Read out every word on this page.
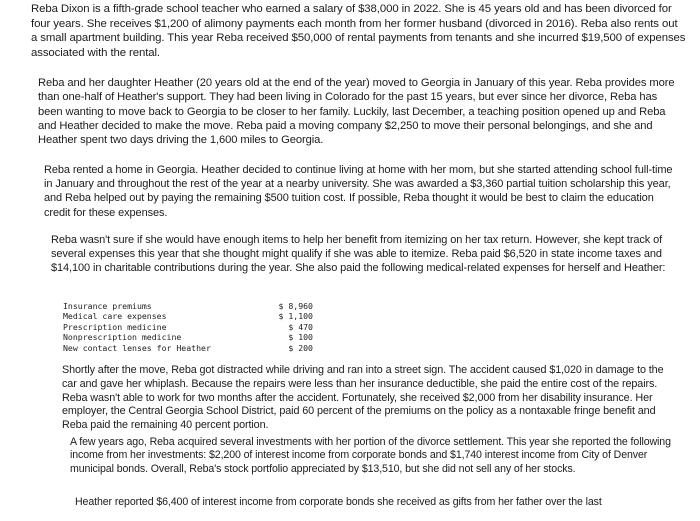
Reba Dixon is a fifth-grade school teacher who earned a salary of $38,000 in 2022. She is 45 years old and has been divorced for four years. She receives $1,200 of alimony payments each month from her former husband (divorced in 2016). Reba also rents out a small apartment building. This year Reba received $50,000 of rental payments from tenants and she incurred $19,500 of expenses associated with the rental.

Reba and her daughter Heather (20 years old at the end of the year) moved to Georgia in January of this year. Reba provides more than one-half of Heather's support. They had been living in Colorado for the past 15 years, but ever since her divorce, Reba has been wanting to move back to Georgia to be closer to her family. Luckily, last December, a teaching position opened up and Reba and Heather decided to make the move. Reba paid a moving company $2,250 to move their personal belongings, and she and Heather spent two days driving the 1,600 miles to Georgia.

Reba rented a home in Georgia. Heather decided to continue living at home with her mom, but she started attending school full-time in January and throughout the rest of the year at a nearby university. She was awarded a $3,360 partial tuition scholarship this year, and Reba helped out by paying the remaining $500 tuition cost. If possible, Reba thought it would be best to claim the education credit for these expenses.

Reba wasn't sure if she would have enough items to help her benefit from itemizing on her tax return. However, she kept track of several expenses this year that she thought might qualify if she was able to itemize. Reba paid $6,520 in state income taxes and $14,100 in charitable contributions during the year. She also paid the following medical-related expenses for herself and Heather:

Insurance premiums	$ 8,960
Medical care expenses	$ 1,100
Prescription medicine	$ 470
Nonprescription medicine	$ 100
New contact lenses for Heather	$ 200

Shortly after the move, Reba got distracted while driving and ran into a street sign. The accident caused $1,020 in damage to the car and gave her whiplash. Because the repairs were less than her insurance deductible, she paid the entire cost of the repairs. Reba wasn't able to work for two months after the accident. Fortunately, she received $2,000 from her disability insurance. Her employer, the Central Georgia School District, paid 60 percent of the premiums on the policy as a nontaxable fringe benefit and Reba paid the remaining 40 percent portion.

A few years ago, Reba acquired several investments with her portion of the divorce settlement. This year she reported the following income from her investments: $2,200 of interest income from corporate bonds and $1,740 interest income from City of Denver municipal bonds. Overall, Reba's stock portfolio appreciated by $13,510, but she did not sell any of her stocks.

Heather reported $6,400 of interest income from corporate bonds she received as gifts from her father over the last
